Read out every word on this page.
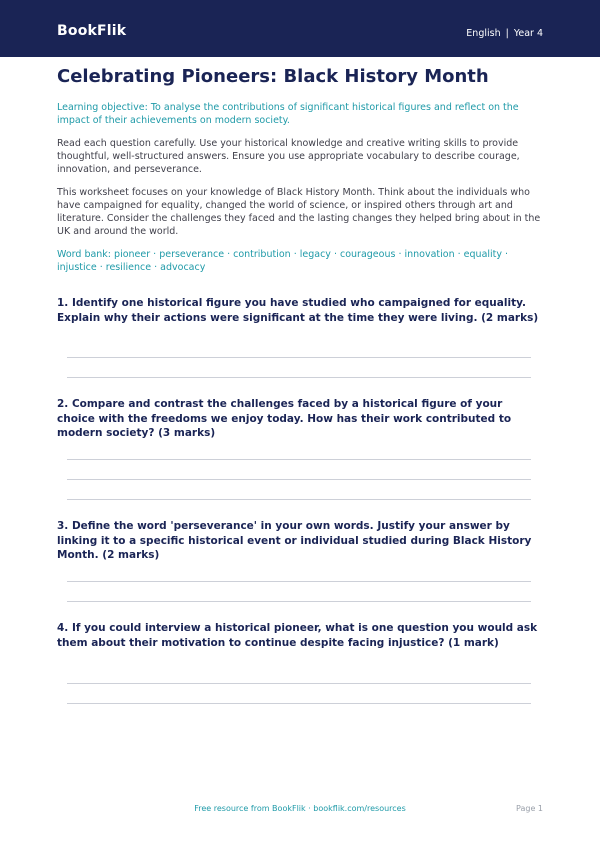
BookFlik	English | Year 4
Celebrating Pioneers: Black History Month

Learning objective: To analyse the contributions of significant historical figures and reflect on the impact of their achievements on modern society.

Read each question carefully. Use your historical knowledge and creative writing skills to provide thoughtful, well-structured answers. Ensure you use appropriate vocabulary to describe courage, innovation, and perseverance.

This worksheet focuses on your knowledge of Black History Month. Think about the individuals who have campaigned for equality, changed the world of science, or inspired others through art and literature. Consider the challenges they faced and the lasting changes they helped bring about in the UK and around the world.

Word bank: pioneer · perseverance · contribution · legacy · courageous · innovation · equality · injustice · resilience · advocacy

1. Identify one historical figure you have studied who campaigned for equality. Explain why their actions were significant at the time they were living. (2 marks)

2. Compare and contrast the challenges faced by a historical figure of your choice with the freedoms we enjoy today. How has their work contributed to modern society? (3 marks)

3. Define the word 'perseverance' in your own words. Justify your answer by linking it to a specific historical event or individual studied during Black History Month. (2 marks)

4. If you could interview a historical pioneer, what is one question you would ask them about their motivation to continue despite facing injustice? (1 mark)

Free resource from BookFlik · bookflik.com/resources	Page 1
